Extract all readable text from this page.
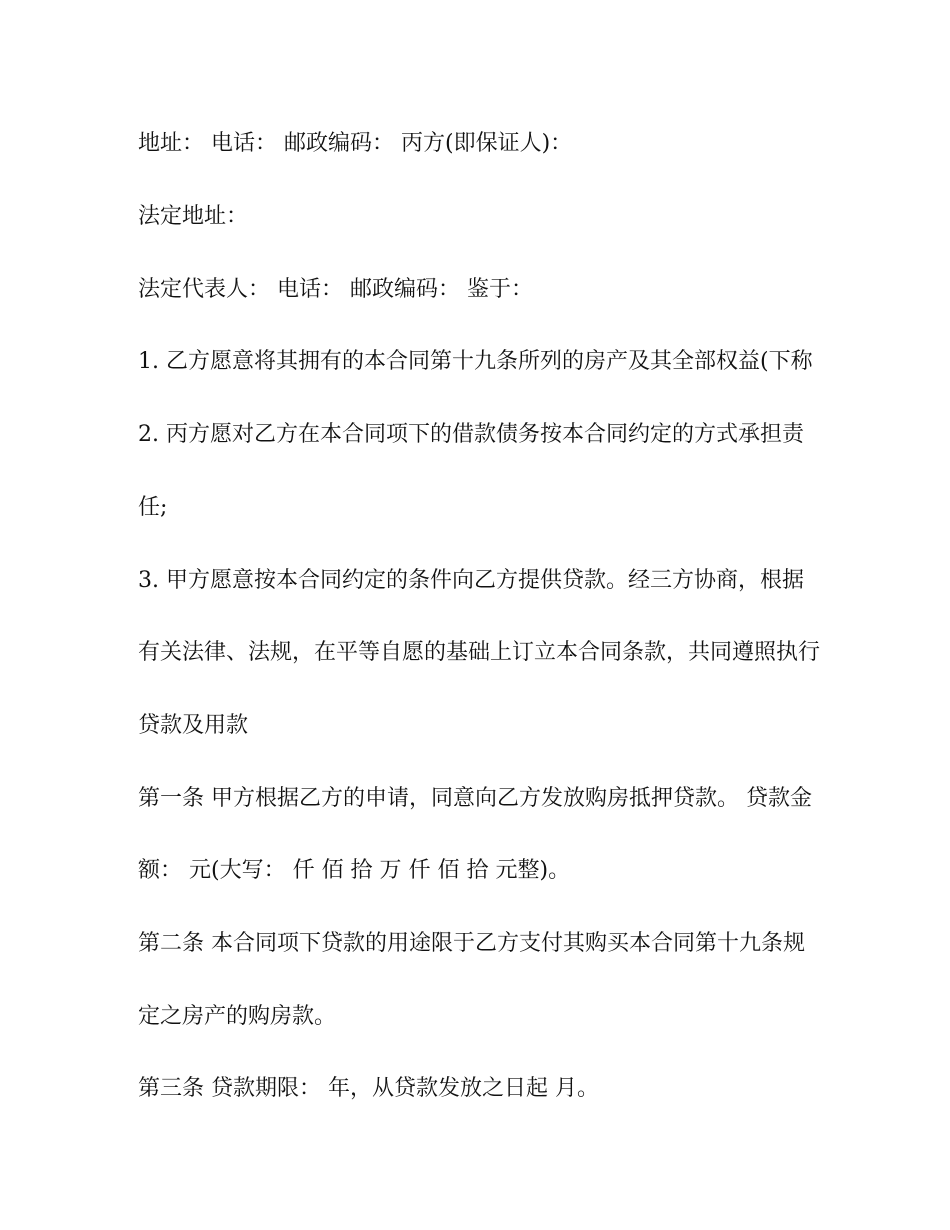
地址： 电话： 邮政编码： 丙方(即保证人)：
法定地址：
法定代表人： 电话： 邮政编码： 鉴于：
1. 乙方愿意将其拥有的本合同第十九条所列的房产及其全部权益(下称
2. 丙方愿对乙方在本合同项下的借款债务按本合同约定的方式承担责
任;
3. 甲方愿意按本合同约定的条件向乙方提供贷款。经三方协商，根据
有关法律、法规，在平等自愿的基础上订立本合同条款，共同遵照执行
贷款及用款
第一条 甲方根据乙方的申请，同意向乙方发放购房抵押贷款。 贷款金
额： 元(大写： 仟 佰 拾 万 仟 佰 拾 元整)。
第二条 本合同项下贷款的用途限于乙方支付其购买本合同第十九条规
定之房产的购房款。
第三条 贷款期限： 年，从贷款发放之日起 月。
